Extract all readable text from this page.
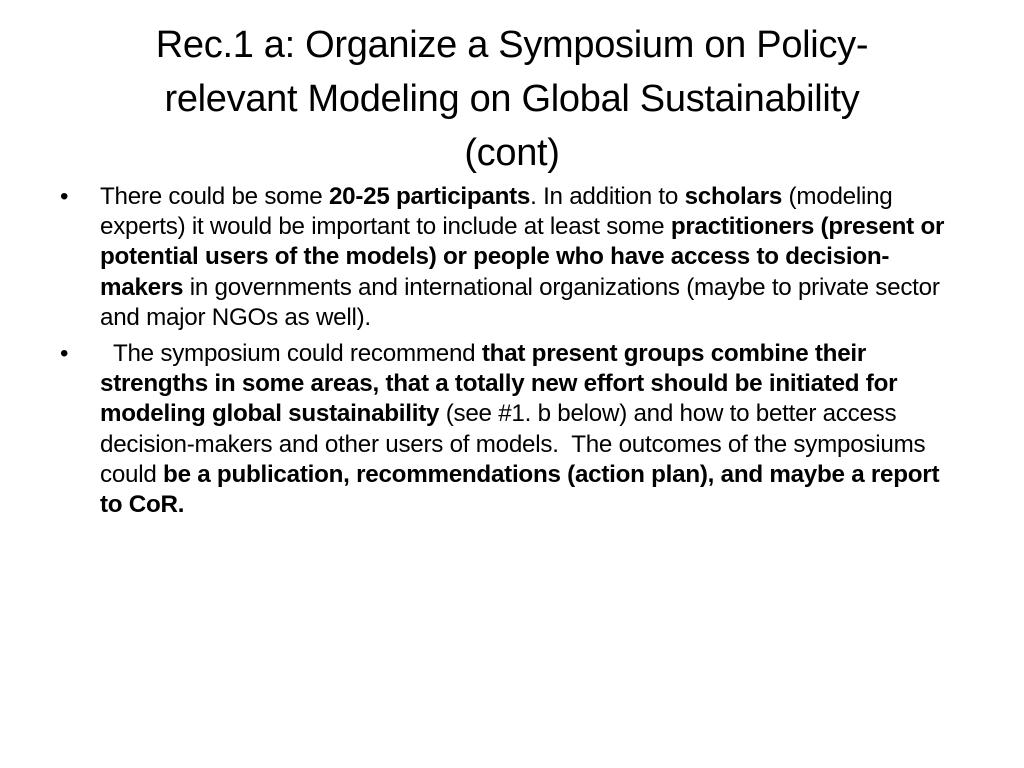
Rec.1 a: Organize a Symposium on Policy-
relevant Modeling on Global Sustainability
(cont)
•
There could be some 20-25 participants. In addition to scholars (modeling experts) it would be important to include at least some practitioners (present or potential users of the models) or people who have access to decision-makers in governments and international organizations (maybe to private sector and major NGOs as well).
•
The symposium could recommend that present groups combine their strengths in some areas, that a totally new effort should be initiated for modeling global sustainability (see #1. b below) and how to better access decision-makers and other users of models.  The outcomes of the symposiums could be a publication, recommendations (action plan), and maybe a report to CoR.
